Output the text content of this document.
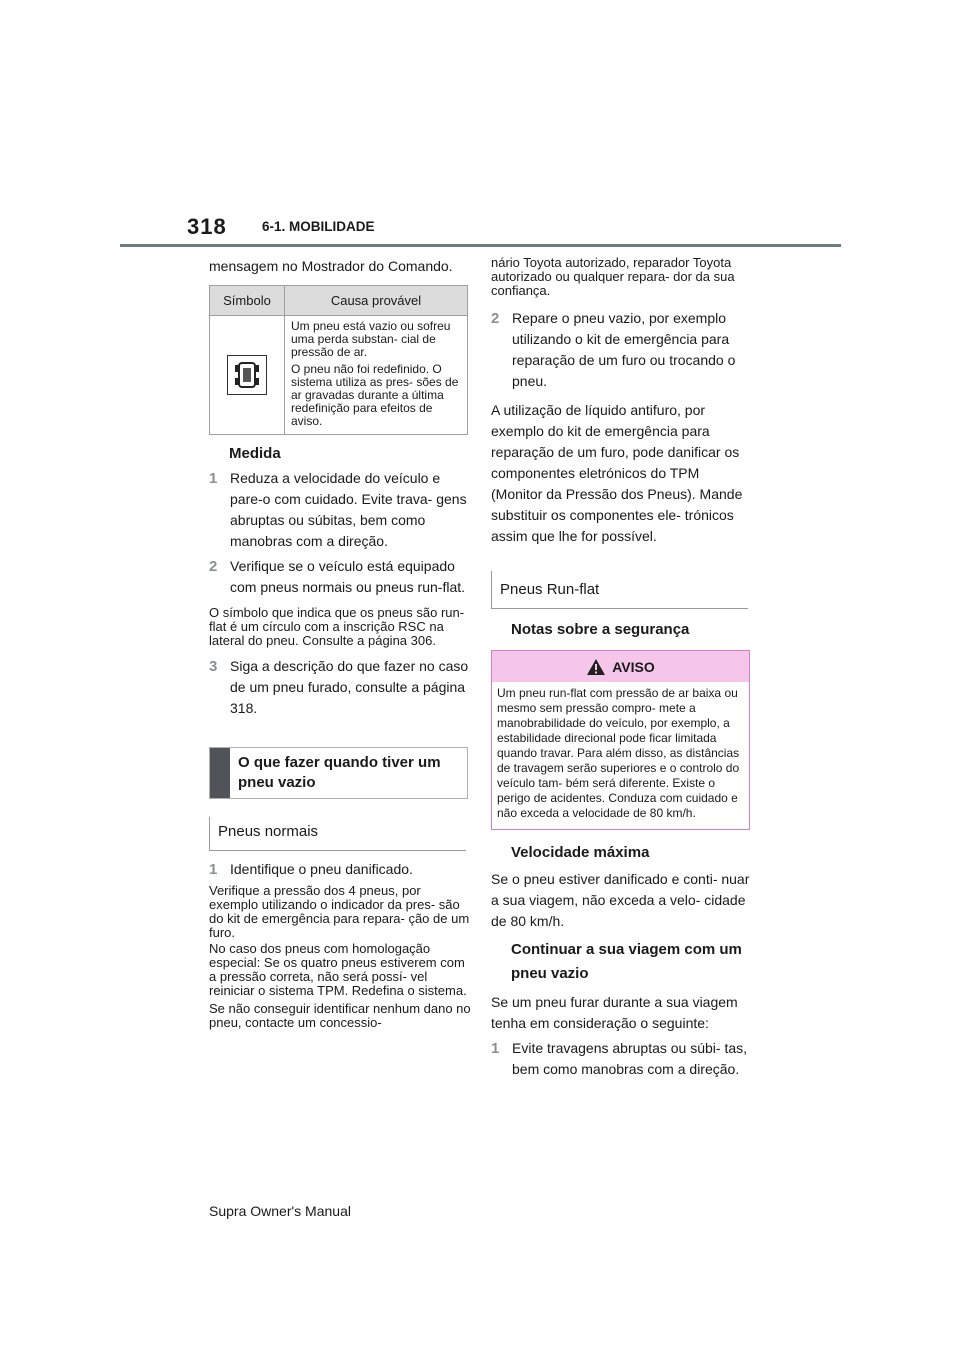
318	6-1. MOBILIDADE

mensagem no Mostrador do Comando.

Símbolo	Causa provável

Um pneu está vazio ou sofreu uma perda substan- cial de pressão de ar.

O pneu não foi redefinido. O sistema utiliza as pres- sões de ar gravadas durante a última redefinição para efeitos de aviso.

Medida

1 Reduza a velocidade do veículo e pare-o com cuidado. Evite trava- gens abruptas ou súbitas, bem como manobras com a direção.
2 Verifique se o veículo está equipado com pneus normais ou pneus run-flat.

O símbolo que indica que os pneus são run-flat é um círculo com a inscrição RSC na lateral do pneu. Consulte a página 306.

3 Siga a descrição do que fazer no caso de um pneu furado, consulte a página 318.
O que fazer quando tiver um pneu vazio
Pneus normais
1 Identifique o pneu danificado.

Verifique a pressão dos 4 pneus, por exemplo utilizando o indicador da pres- são do kit de emergência para repara- ção de um furo.

No caso dos pneus com homologação especial: Se os quatro pneus estiverem com a pressão correta, não será possí- vel reiniciar o sistema TPM. Redefina o sistema.

Se não conseguir identificar nenhum dano no pneu, contacte um concessio-

nário Toyota autorizado, reparador Toyota autorizado ou qualquer repara- dor da sua confiança.

2 Repare o pneu vazio, por exemplo utilizando o kit de emergência para reparação de um furo ou trocando o pneu.

A utilização de líquido antifuro, por exemplo do kit de emergência para reparação de um furo, pode danificar os componentes eletrónicos do TPM (Monitor da Pressão dos Pneus). Mande substituir os componentes ele- trónicos assim que lhe for possível.

Pneus Run-flat

Notas sobre a segurança

AVISO

Um pneu run-flat com pressão de ar baixa ou mesmo sem pressão compro- mete a manobrabilidade do veículo, por exemplo, a estabilidade direcional pode ficar limitada quando travar. Para além disso, as distâncias de travagem serão superiores e o controlo do veículo tam- bém será diferente. Existe o perigo de acidentes. Conduza com cuidado e não exceda a velocidade de 80 km/h.

Velocidade máxima

Se o pneu estiver danificado e conti- nuar a sua viagem, não exceda a velo- cidade de 80 km/h.

Continuar a sua viagem com um pneu vazio

Se um pneu furar durante a sua viagem tenha em consideração o seguinte:

1 Evite travagens abruptas ou súbi- tas, bem como manobras com a direção.
Supra Owner's Manual
